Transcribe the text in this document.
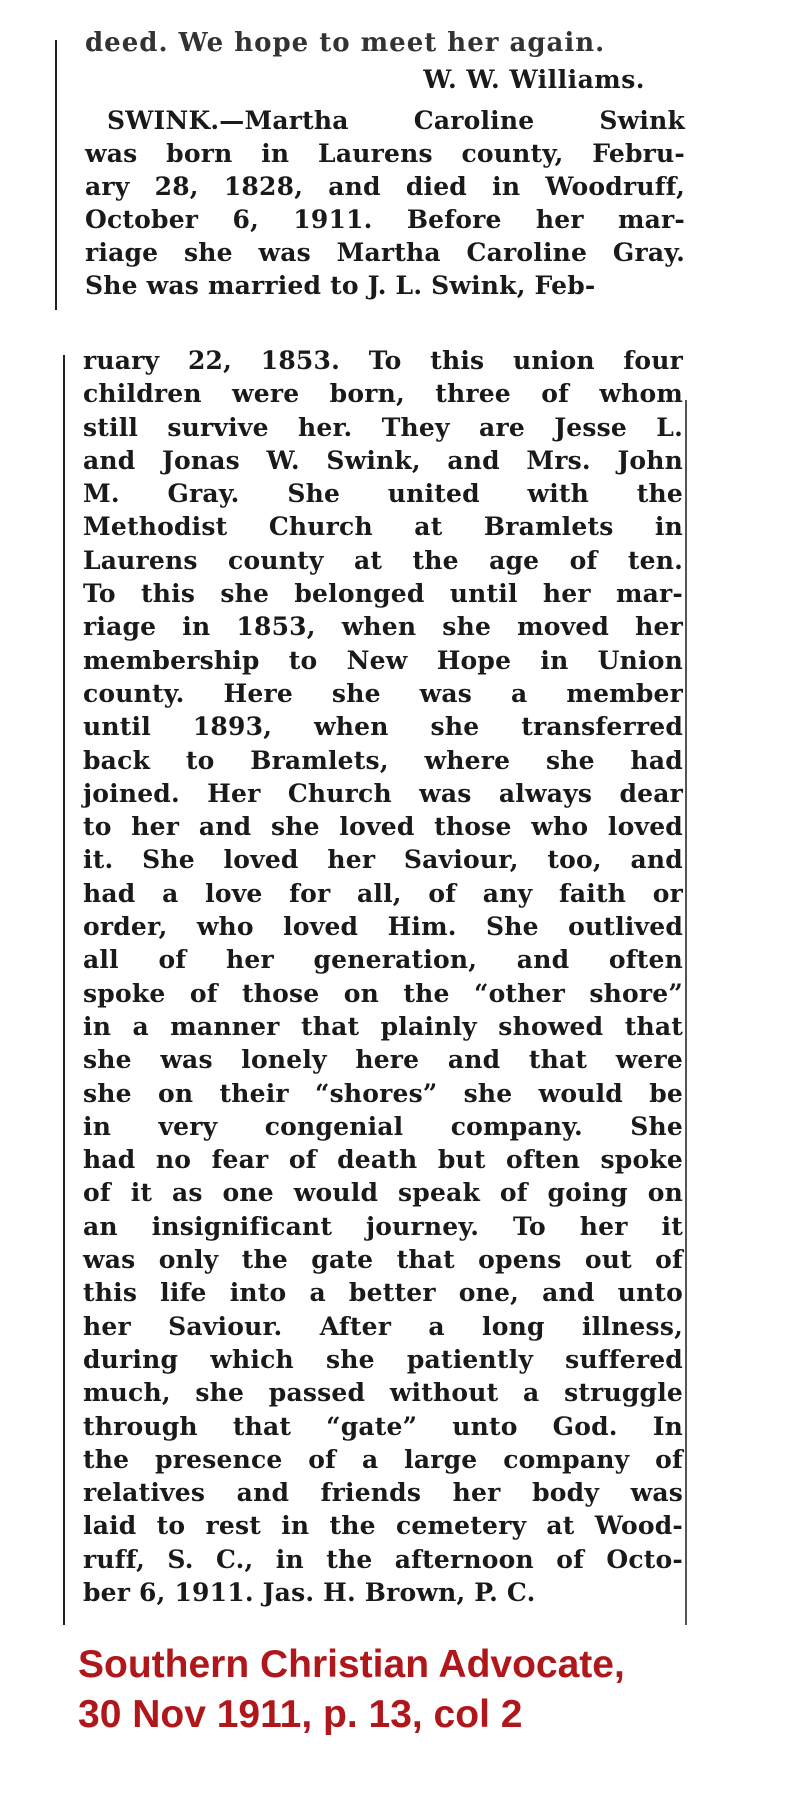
deed. We hope to meet her again.
W. W. Williams.
SWINK.—Martha Caroline Swink
was born in Laurens county, Febru-
ary 28, 1828, and died in Woodruff,
October 6, 1911. Before her mar-
riage she was Martha Caroline Gray.
She was married to J. L. Swink, Feb-
ruary 22, 1853. To this union four
children were born, three of whom
still survive her. They are Jesse L.
and Jonas W. Swink, and Mrs. John
M. Gray. She united with the
Methodist Church at Bramlets in
Laurens county at the age of ten.
To this she belonged until her mar-
riage in 1853, when she moved her
membership to New Hope in Union
county. Here she was a member
until 1893, when she transferred
back to Bramlets, where she had
joined. Her Church was always dear
to her and she loved those who loved
it. She loved her Saviour, too, and
had a love for all, of any faith or
order, who loved Him. She outlived
all of her generation, and often
spoke of those on the “other shore”
in a manner that plainly showed that
she was lonely here and that were
she on their “shores” she would be
in very congenial company. She
had no fear of death but often spoke
of it as one would speak of going on
an insignificant journey. To her it
was only the gate that opens out of
this life into a better one, and unto
her Saviour. After a long illness,
during which she patiently suffered
much, she passed without a struggle
through that “gate” unto God. In
the presence of a large company of
relatives and friends her body was
laid to rest in the cemetery at Wood-
ruff, S. C., in the afternoon of Octo-
ber 6, 1911. Jas. H. Brown, P. C.
Southern Christian Advocate,
30 Nov 1911, p. 13, col 2
